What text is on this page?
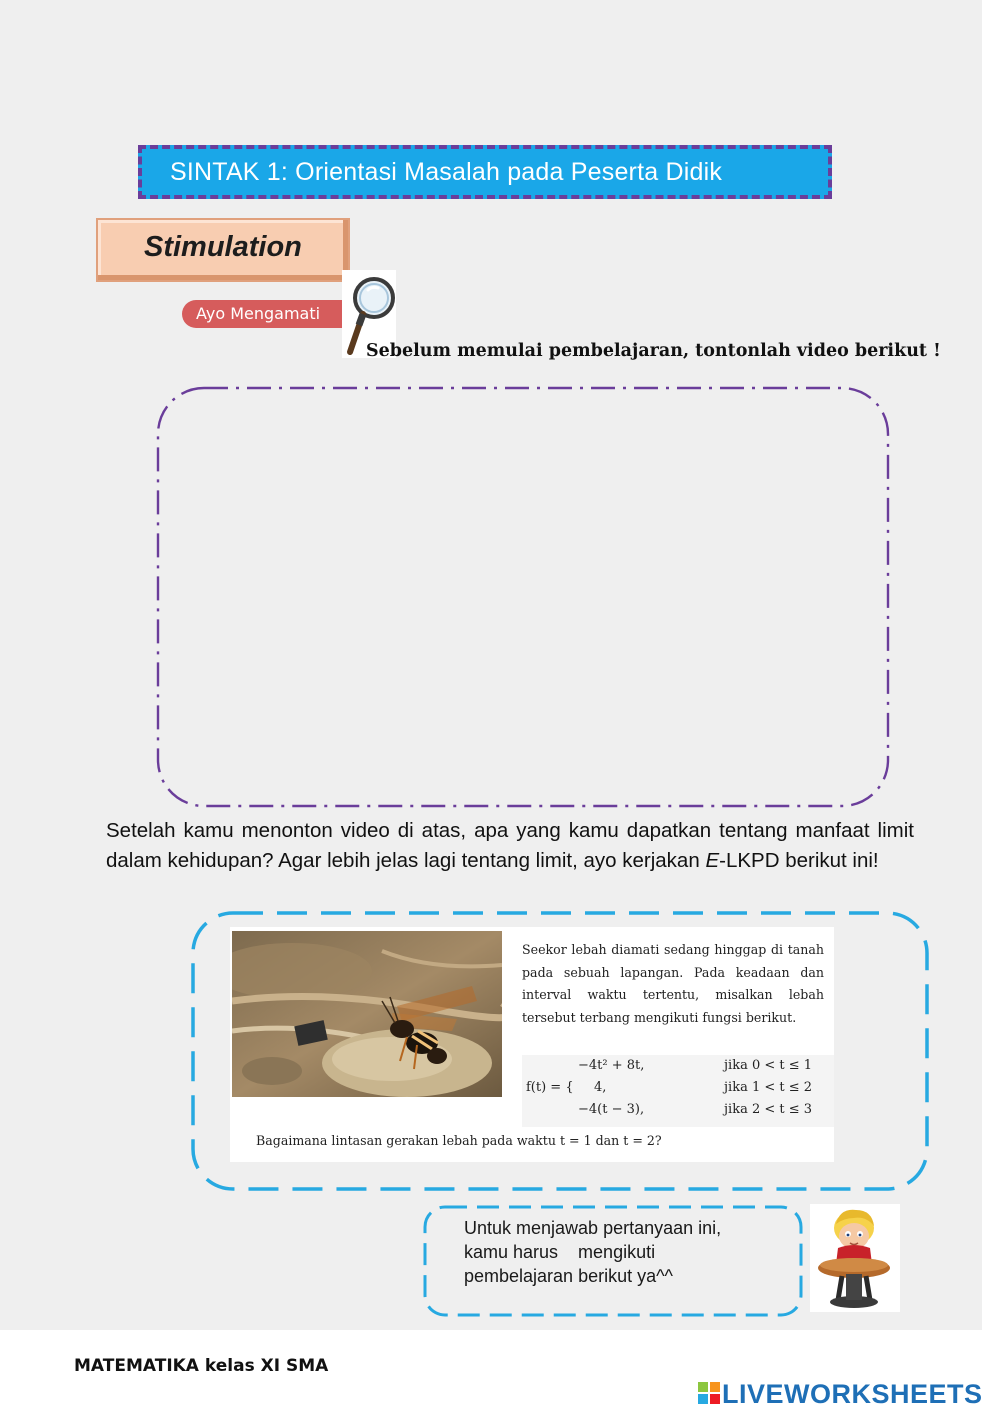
SINTAK 1: Orientasi Masalah pada Peserta Didik
Stimulation
Ayo Mengamati
Sebelum memulai pembelajaran, tontonlah video berikut !

Setelah kamu menonton video di atas, apa yang kamu dapatkan tentang manfaat limit dalam kehidupan? Agar lebih jelas lagi tentang limit, ayo kerjakan E-LKPD berikut ini!

Seekor lebah diamati sedang hinggap di tanah pada sebuah lapangan. Pada keadaan dan interval waktu tertentu, misalkan lebah tersebut terbang mengikuti fungsi berikut.
−4t² + 8t,	jika 0 < t ≤ 1
f(t) = { 4,	jika 1 < t ≤ 2
−4(t − 3),	jika 2 < t ≤ 3
Bagaimana lintasan gerakan lebah pada waktu t = 1 dan t = 2?
Untuk menjawab pertanyaan ini,
kamu harus    mengikuti
pembelajaran berikut ya^^
MATEMATIKA kelas XI SMA
LIVEWORKSHEETS
